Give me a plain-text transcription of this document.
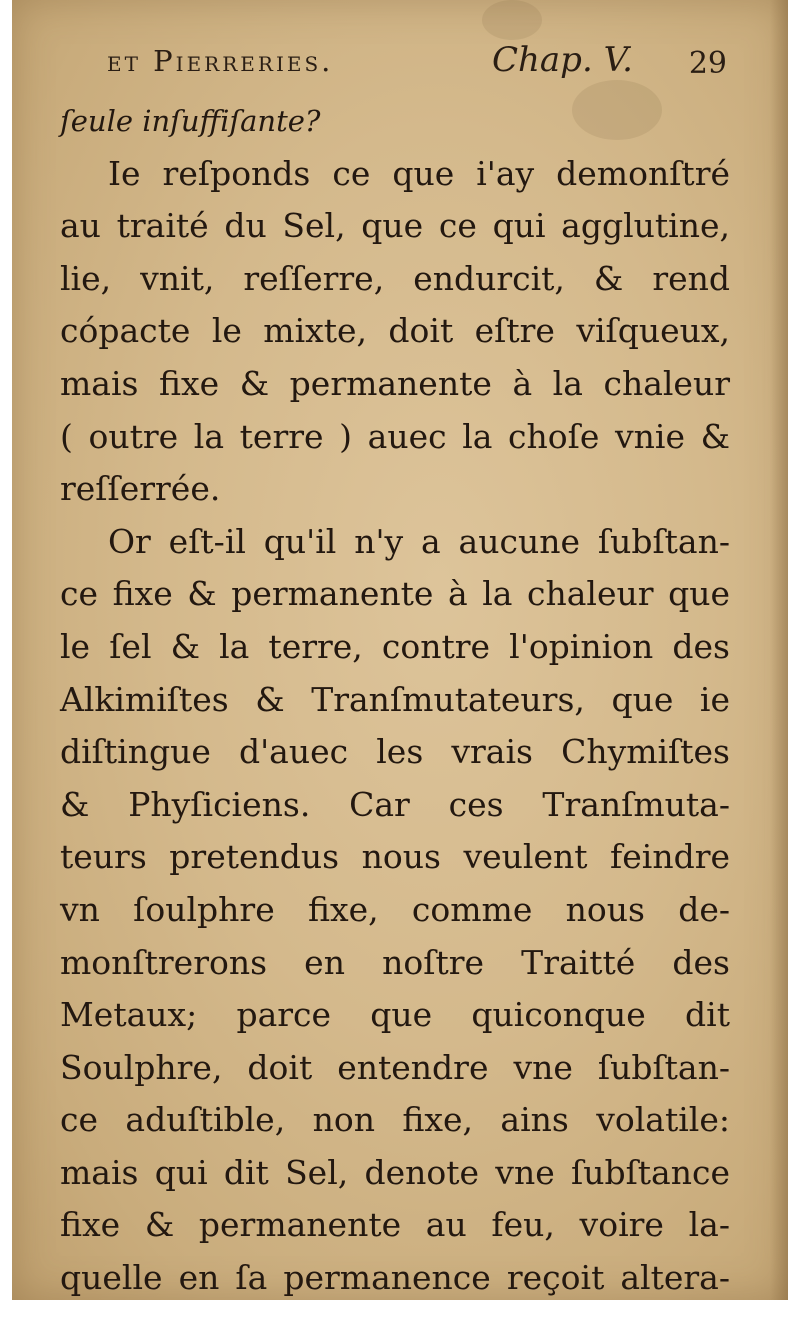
et Pierreries.	Chap. V. 29
ſeule inſuffiſante?
Ie reſponds ce que i'ay demonſtré
au traité du Sel, que ce qui agglutine,
lie, vnit, reſſerre, endurcit, & rend
cópacte le mixte, doit eſtre viſqueux,
mais fixe & permanente à la chaleur
( outre la terre ) auec la choſe vnie &
reſſerrée.
Or eſt-il qu'il n'y a aucune ſubſtan-
ce fixe & permanente à la chaleur que
le ſel & la terre, contre l'opinion des
Alkimiſtes & Tranſmutateurs, que ie
diſtingue d'auec les vrais Chymiſtes
& Phyſiciens. Car ces Tranſmuta-
teurs pretendus nous veulent feindre
vn ſoulphre fixe, comme nous de-
monſtrerons en noſtre Traitté des
Metaux; parce que quiconque dit
Soulphre, doit entendre vne ſubſtan-
ce aduſtible, non fixe, ains volatile:
mais qui dit Sel, denote vne ſubſtance
fixe & permanente au feu, voire la-
quelle en ſa permanence reçoit altera-
